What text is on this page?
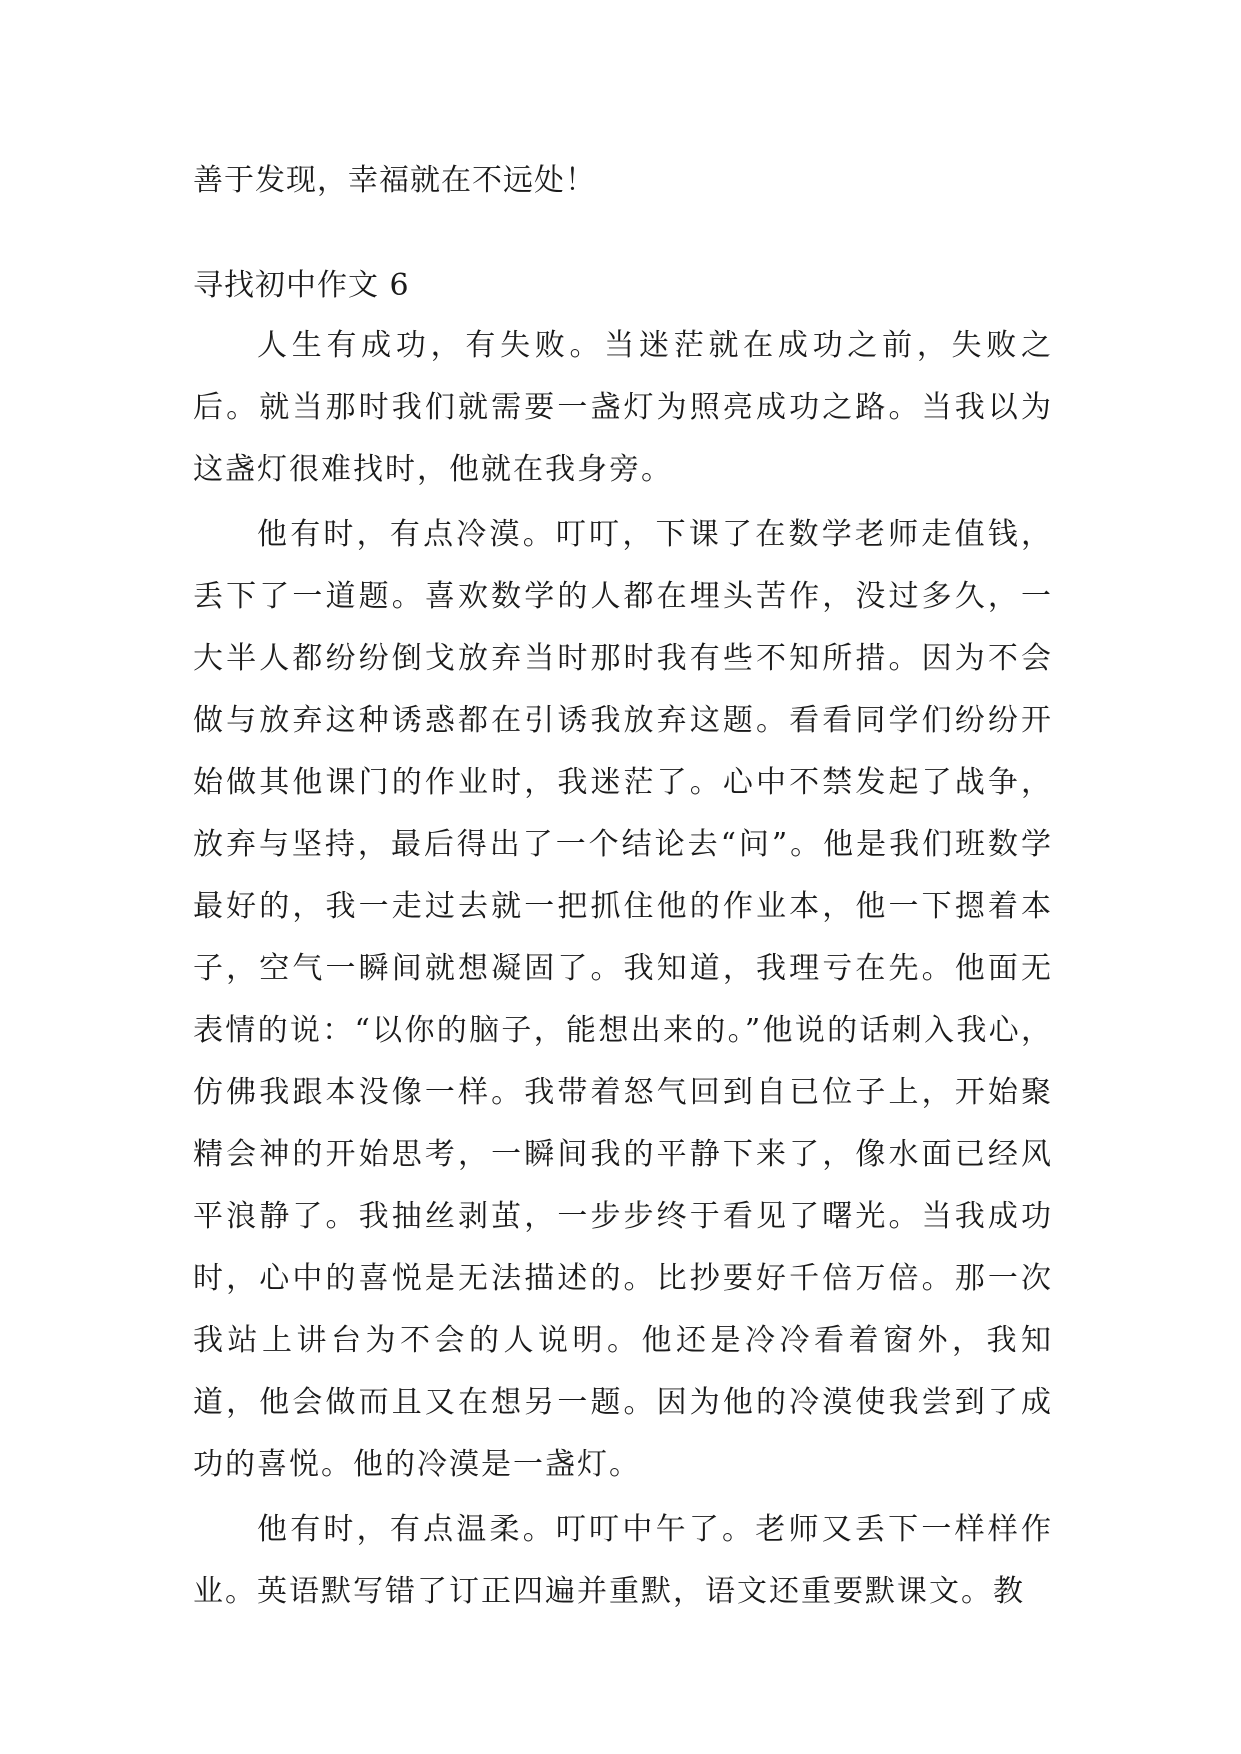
善于发现，幸福就在不远处！

寻找初中作文 6

人生有成功，有失败。当迷茫就在成功之前，失败之后。就当那时我们就需要一盏灯为照亮成功之路。当我以为这盏灯很难找时，他就在我身旁。

他有时，有点冷漠。叮叮，下课了在数学老师走值钱，丢下了一道题。喜欢数学的人都在埋头苦作，没过多久，一大半人都纷纷倒戈放弃当时那时我有些不知所措。因为不会做与放弃这种诱惑都在引诱我放弃这题。看看同学们纷纷开始做其他课门的作业时，我迷茫了。心中不禁发起了战争，放弃与坚持，最后得出了一个结论去“问”。他是我们班数学最好的，我一走过去就一把抓住他的作业本，他一下摁着本子，空气一瞬间就想凝固了。我知道，我理亏在先。他面无表情的说：“以你的脑子，能想出来的。”他说的话刺入我心，仿佛我跟本没像一样。我带着怒气回到自已位子上，开始聚精会神的开始思考，一瞬间我的平静下来了，像水面已经风平浪静了。我抽丝剥茧，一步步终于看见了曙光。当我成功时，心中的喜悦是无法描述的。比抄要好千倍万倍。那一次我站上讲台为不会的人说明。他还是冷冷看着窗外，我知道，他会做而且又在想另一题。因为他的冷漠使我尝到了成功的喜悦。他的冷漠是一盏灯。

他有时，有点温柔。叮叮中午了。老师又丢下一样样作业。英语默写错了订正四遍并重默，语文还重要默课文。教
